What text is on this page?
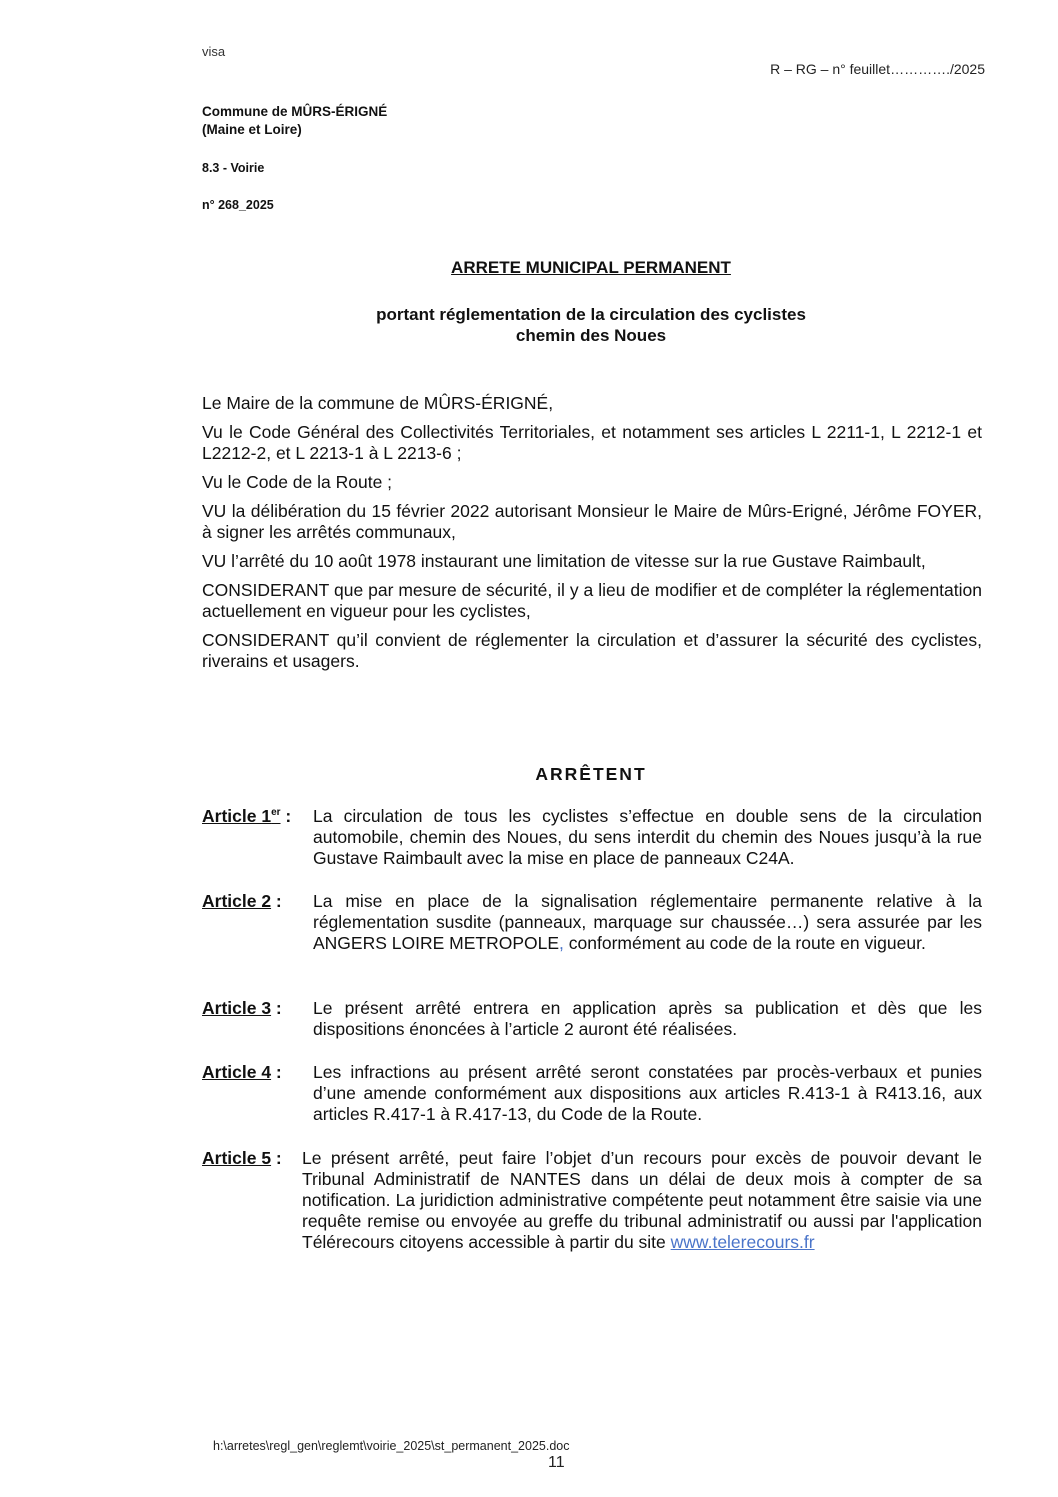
visa
R – RG – n° feuillet…………./2025
Commune de MÛRS-ÉRIGNÉ
(Maine et Loire)
8.3 - Voirie
n° 268_2025
ARRETE MUNICIPAL PERMANENT
portant réglementation de la circulation des cyclistes
chemin des Noues

Le Maire de la commune de MÛRS-ÉRIGNÉ,

Vu le Code Général des Collectivités Territoriales, et notamment ses articles L 2211-1, L 2212-1 et L2212-2, et L 2213-1 à L 2213-6 ;

Vu le Code de la Route ;

VU la délibération du 15 février 2022 autorisant Monsieur le Maire de Mûrs-Erigné, Jérôme FOYER, à signer les arrêtés communaux,

VU l’arrêté du 10 août 1978 instaurant une limitation de vitesse sur la rue Gustave Raimbault,

CONSIDERANT que par mesure de sécurité, il y a lieu de modifier et de compléter la réglementation actuellement en vigueur pour les cyclistes,

CONSIDERANT qu’il convient de réglementer la circulation et d’assurer la sécurité des cyclistes, riverains et usagers.

ARRÊTENT
Article 1er :	La circulation de tous les cyclistes s’effectue en double sens de la circulation automobile, chemin des Noues, du sens interdit du chemin des Noues jusqu’à la rue Gustave Raimbault avec la mise en place de panneaux C24A.
Article 2 :	La mise en place de la signalisation réglementaire permanente relative à la réglementation susdite (panneaux, marquage sur chaussée…) sera assurée par les ANGERS LOIRE METROPOLE, conformément au code de la route en vigueur.
Article 3 :	Le présent arrêté entrera en application après sa publication et dès que les dispositions énoncées à l’article 2 auront été réalisées.
Article 4 :	Les infractions au présent arrêté seront constatées par procès-verbaux et punies d’une amende conformément aux dispositions aux articles R.413-1 à R413.16, aux articles R.417-1 à R.417-13, du Code de la Route.
Article 5 :	Le présent arrêté, peut faire l’objet d’un recours pour excès de pouvoir devant le Tribunal Administratif de NANTES dans un délai de deux mois à compter de sa notification. La juridiction administrative compétente peut notamment être saisie via une requête remise ou envoyée au greffe du tribunal administratif ou aussi par l'application Télérecours citoyens accessible à partir du site www.telerecours.fr
h:\arretes\regl_gen\reglemt\voirie_2025\st_permanent_2025.doc
11
